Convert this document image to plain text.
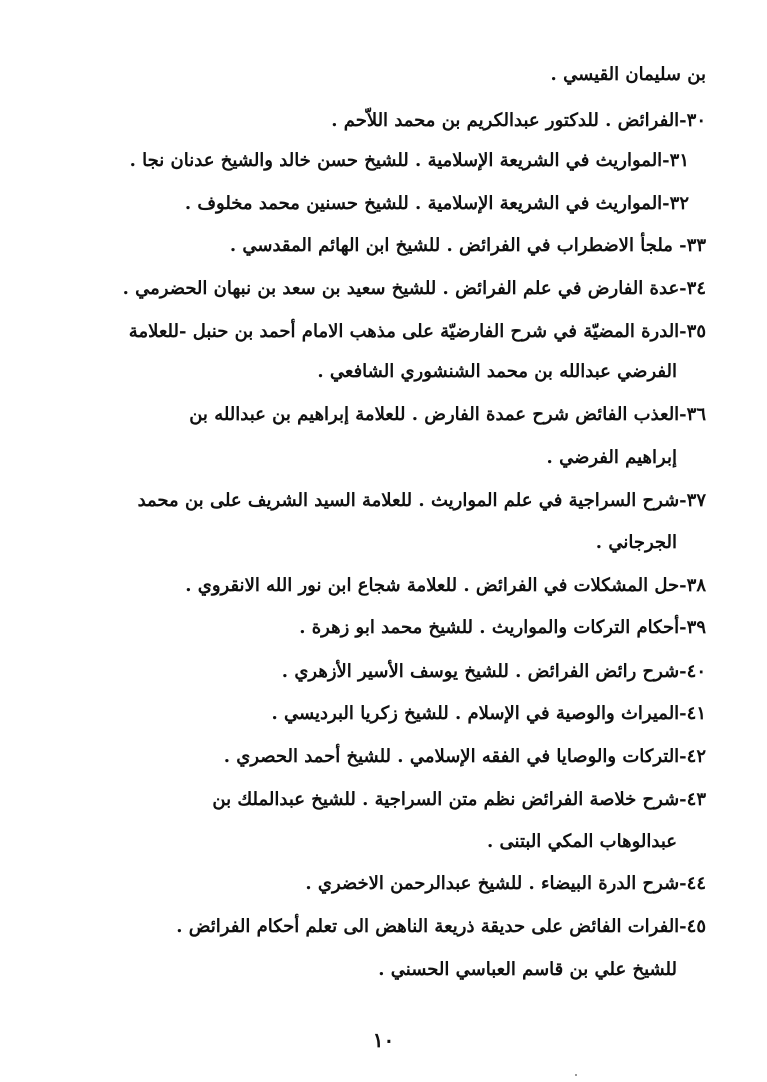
بن سليمان القيسي .
٣٠-الفرائض . للدكتور عبدالكريم بن محمد اللاّحم .
٣١-المواريث في الشريعة الإسلامية . للشيخ حسن خالد والشيخ عدنان نجا .
٣٢-المواريث في الشريعة الإسلامية . للشيخ حسنين محمد مخلوف .
٣٣- ملجأ الاضطراب في الفرائض . للشيخ ابن الهائم المقدسي .
٣٤-عدة الفارض في علم الفرائض . للشيخ سعيد بن سعد بن نبهان الحضرمي .
٣٥-الدرة المضيّة في شرح الفارضيّة على مذهب الامام أحمد بن حنبل -للعلامة
الفرضي عبدالله بن محمد الشنشوري الشافعي .
٣٦-العذب الفائض شرح عمدة الفارض . للعلامة إبراهيم بن عبدالله بن
إبراهيم الفرضي .
٣٧-شرح السراجية في علم المواريث . للعلامة السيد الشريف على بن محمد
الجرجاني .
٣٨-حل المشكلات في الفرائض . للعلامة شجاع ابن نور الله الانقروي .
٣٩-أحكام التركات والمواريث . للشيخ محمد ابو زهرة .
٤٠-شرح رائض الفرائض . للشيخ يوسف الأسير الأزهري .
٤١-الميراث والوصية في الإسلام . للشيخ زكريا البرديسي .
٤٢-التركات والوصايا في الفقه الإسلامي . للشيخ أحمد الحصري .
٤٣-شرح خلاصة الفرائض نظم متن السراجية . للشيخ عبدالملك بن
عبدالوهاب المكي البتنى .
٤٤-شرح الدرة البيضاء . للشيخ عبدالرحمن الاخضري .
٤٥-الفرات الفائض على حديقة ذريعة الناهض الى تعلم أحكام الفرائض .
للشيخ علي بن قاسم العباسي الحسني .
١٠
